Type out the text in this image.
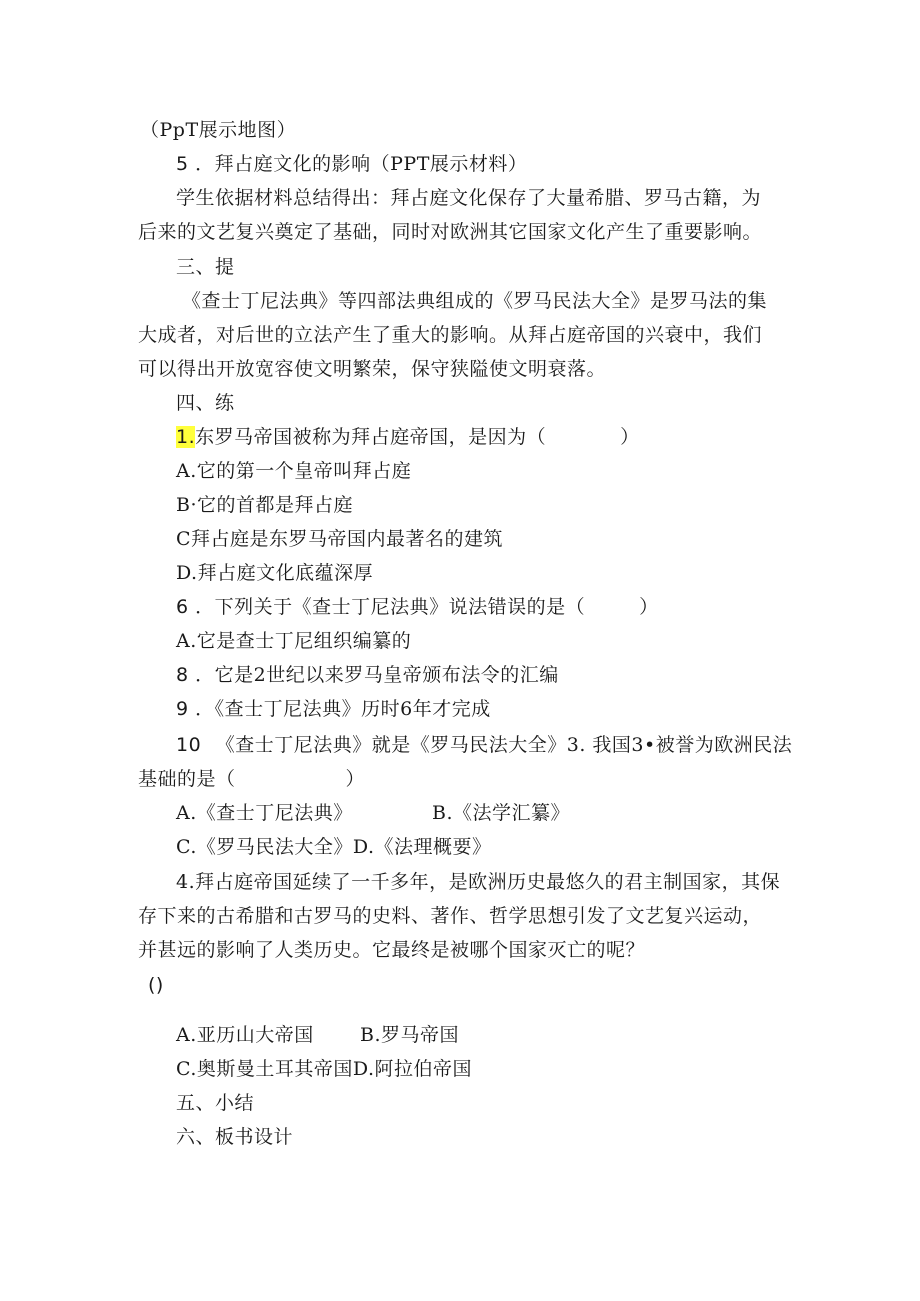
（PpT展示地图）
5 ．拜占庭文化的影响（PPT展示材料）
学生依据材料总结得出：拜占庭文化保存了大量希腊、罗马古籍，为
后来的文艺复兴奠定了基础，同时对欧洲其它国家文化产生了重要影响。
三、提
《查士丁尼法典》等四部法典组成的《罗马民法大全》是罗马法的集
大成者，对后世的立法产生了重大的影响。从拜占庭帝国的兴衰中，我们
可以得出开放宽容使文明繁荣，保守狭隘使文明衰落。
四、练
1.东罗马帝国被称为拜占庭帝国，是因为（	）
A.它的第一个皇帝叫拜占庭
B·它的首都是拜占庭
C拜占庭是东罗马帝国内最著名的建筑
D.拜占庭文化底蕴深厚
6 ．下列关于《查士丁尼法典》说法错误的是（	）
A.它是查士丁尼组织编纂的
8 ．它是2世纪以来罗马皇帝颁布法令的汇编
9 ．《查士丁尼法典》历时6年才完成
10 《查士丁尼法典》就是《罗马民法大全》3. 我国3•被誉为欧洲民法
基础的是（	）
A.《查士丁尼法典》	B.《法学汇纂》
C.《罗马民法大全》D.《法理概要》
4.拜占庭帝国延续了一千多年，是欧洲历史最悠久的君主制国家，其保
存下来的古希腊和古罗马的史料、著作、哲学思想引发了文艺复兴运动，
并甚远的影响了人类历史。它最终是被哪个国家灭亡的呢？
()
A.亚历山大帝国 B.罗马帝国
C.奥斯曼土耳其帝国D.阿拉伯帝国
五、小结
六、板书设计
